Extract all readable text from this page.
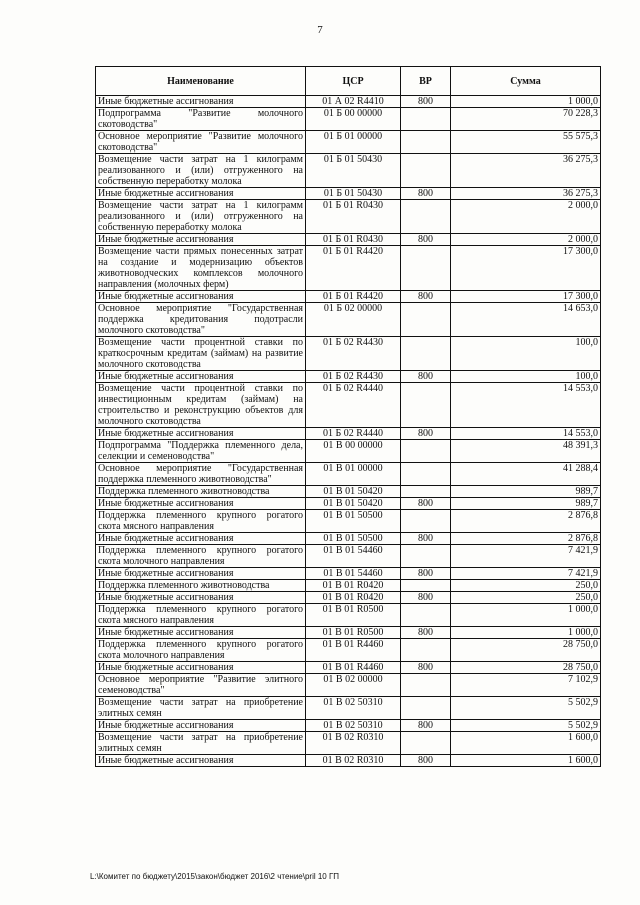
7
Наименование	ЦСР	ВР	Сумма
Иные бюджетные ассигнования	01 А 02 R4410	800	1 000,0
Подпрограмма "Развитие молочного скотоводства"	01 Б 00 00000		70 228,3
Основное мероприятие "Развитие молочного скотоводства"	01 Б 01 00000		55 575,3
Возмещение части затрат на 1 килограмм реализованного и (или) отгруженного на собственную переработку молока	01 Б 01 50430		36 275,3
Иные бюджетные ассигнования	01 Б 01 50430	800	36 275,3
Возмещение части затрат на 1 килограмм реализованного и (или) отгруженного на собственную переработку молока	01 Б 01 R0430		2 000,0
Иные бюджетные ассигнования	01 Б 01 R0430	800	2 000,0
Возмещение части прямых понесенных затрат на создание и модернизацию объектов животноводческих комплексов молочного направления (молочных ферм)	01 Б 01 R4420		17 300,0
Иные бюджетные ассигнования	01 Б 01 R4420	800	17 300,0
Основное мероприятие "Государственная поддержка кредитования подотрасли молочного скотоводства"	01 Б 02 00000		14 653,0
Возмещение части процентной ставки по краткосрочным кредитам (займам) на развитие молочного скотоводства	01 Б 02 R4430		100,0
Иные бюджетные ассигнования	01 Б 02 R4430	800	100,0
Возмещение части процентной ставки по инвестиционным кредитам (займам) на строительство и реконструкцию объектов для молочного скотоводства	01 Б 02 R4440		14 553,0
Иные бюджетные ассигнования	01 Б 02 R4440	800	14 553,0
Подпрограмма "Поддержка племенного дела, селекции и семеноводства"	01 В 00 00000		48 391,3
Основное мероприятие "Государственная поддержка племенного животноводства"	01 В 01 00000		41 288,4
Поддержка племенного животноводства	01 В 01 50420		989,7
Иные бюджетные ассигнования	01 В 01 50420	800	989,7
Поддержка племенного крупного рогатого скота мясного направления	01 В 01 50500		2 876,8
Иные бюджетные ассигнования	01 В 01 50500	800	2 876,8
Поддержка племенного крупного рогатого скота молочного направления	01 В 01 54460		7 421,9
Иные бюджетные ассигнования	01 В 01 54460	800	7 421,9
Поддержка племенного животноводства	01 В 01 R0420		250,0
Иные бюджетные ассигнования	01 В 01 R0420	800	250,0
Поддержка племенного крупного рогатого скота мясного направления	01 В 01 R0500		1 000,0
Иные бюджетные ассигнования	01 В 01 R0500	800	1 000,0
Поддержка племенного крупного рогатого скота молочного направления	01 В 01 R4460		28 750,0
Иные бюджетные ассигнования	01 В 01 R4460	800	28 750,0
Основное мероприятие "Развитие элитного семеноводства"	01 В 02 00000		7 102,9
Возмещение части затрат на приобретение элитных семян	01 В 02 50310		5 502,9
Иные бюджетные ассигнования	01 В 02 50310	800	5 502,9
Возмещение части затрат на приобретение элитных семян	01 В 02 R0310		1 600,0
Иные бюджетные ассигнования	01 В 02 R0310	800	1 600,0
L:\Комитет по бюджету\2015\закон\бюджет 2016\2 чтение\pril 10 ГП
